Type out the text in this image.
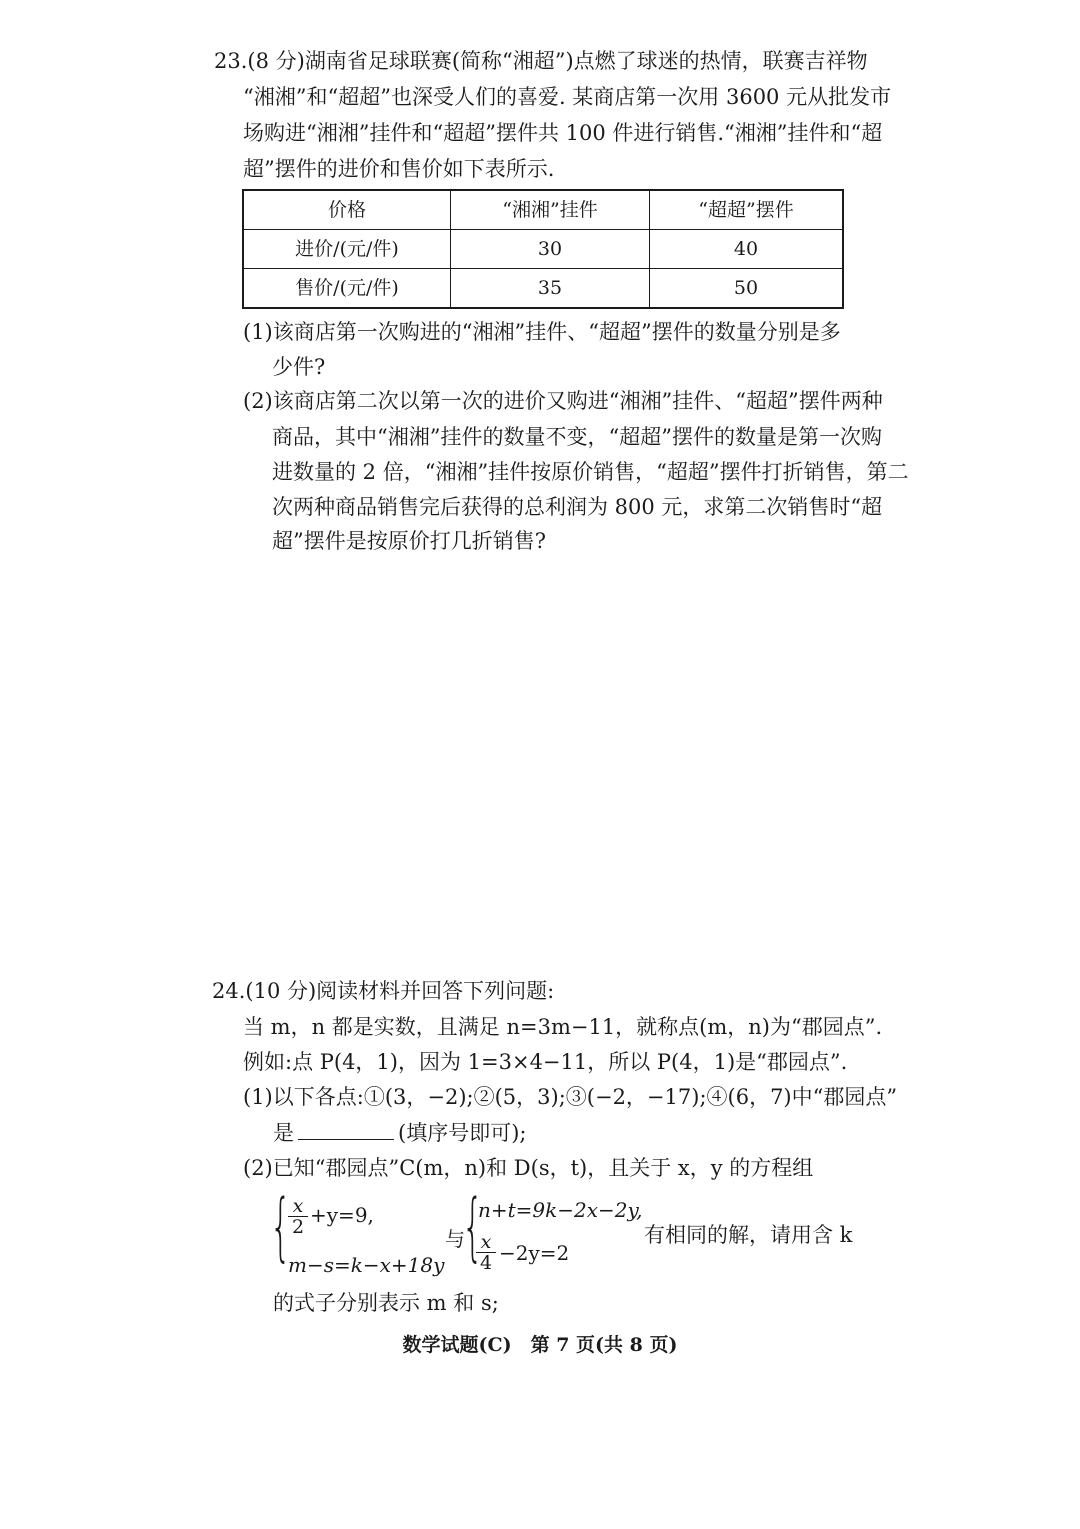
23.(8 分)湖南省足球联赛(简称“湘超”)点燃了球迷的热情，联赛吉祥物
“湘湘”和“超超”也深受人们的喜爱. 某商店第一次用 3600 元从批发市
场购进“湘湘”挂件和“超超”摆件共 100 件进行销售.“湘湘”挂件和“超
超”摆件的进价和售价如下表所示.
价格	“湘湘”挂件	“超超”摆件
进价/(元/件)	30	40
售价/(元/件)	35	50
(1)该商店第一次购进的“湘湘”挂件、“超超”摆件的数量分别是多
少件?
(2)该商店第二次以第一次的进价又购进“湘湘”挂件、“超超”摆件两种
商品，其中“湘湘”挂件的数量不变，“超超”摆件的数量是第一次购
进数量的 2 倍，“湘湘”挂件按原价销售，“超超”摆件打折销售，第二
次两种商品销售完后获得的总利润为 800 元，求第二次销售时“超
超”摆件是按原价打几折销售?
24.(10 分)阅读材料并回答下列问题:
当 m，n 都是实数，且满足 n=3m−11，就称点(m，n)为“郡园点”.
例如:点 P(4，1)，因为 1=3×4−11，所以 P(4，1)是“郡园点”.
(1)以下各点:①(3，−2);②(5，3);③(−2，−17);④(6，7)中“郡园点”
是	(填序号即可);
(2)已知“郡园点”C(m，n)和 D(s，t)，且关于 x，y 的方程组
{
$\frac{x}{2} +y=9$,
m−s=k−x+18y
与
{
n+t=9k−2x−2y,
$\frac{x}{4} -2y=2$
有相同的解，请用含 k
的式子分别表示 m 和 s;
数学试题(C)　第 7 页(共 8 页)
